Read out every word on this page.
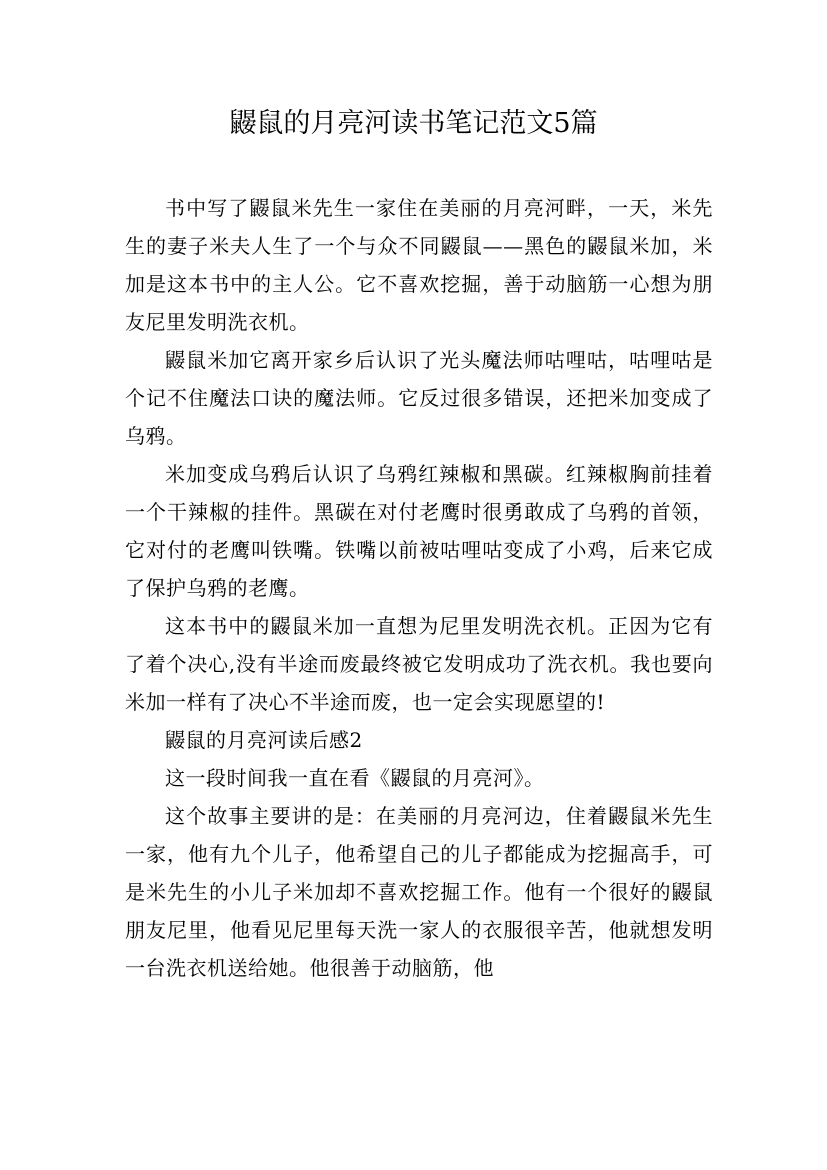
鼹鼠的月亮河读书笔记范文5篇

书中写了鼹鼠米先生一家住在美丽的月亮河畔，一天，米先生的妻子米夫人生了一个与众不同鼹鼠——黑色的鼹鼠米加，米加是这本书中的主人公。它不喜欢挖掘，善于动脑筋一心想为朋友尼里发明洗衣机。

鼹鼠米加它离开家乡后认识了光头魔法师咕哩咕，咕哩咕是个记不住魔法口诀的魔法师。它反过很多错误，还把米加变成了乌鸦。

米加变成乌鸦后认识了乌鸦红辣椒和黑碳。红辣椒胸前挂着一个干辣椒的挂件。黑碳在对付老鹰时很勇敢成了乌鸦的首领，它对付的老鹰叫铁嘴。铁嘴以前被咕哩咕变成了小鸡，后来它成了保护乌鸦的老鹰。

这本书中的鼹鼠米加一直想为尼里发明洗衣机。正因为它有了着个决心,没有半途而废最终被它发明成功了洗衣机。我也要向米加一样有了决心不半途而废，也一定会实现愿望的!

鼹鼠的月亮河读后感2

这一段时间我一直在看《鼹鼠的月亮河》。

这个故事主要讲的是：在美丽的月亮河边，住着鼹鼠米先生一家，他有九个儿子，他希望自己的儿子都能成为挖掘高手，可是米先生的小儿子米加却不喜欢挖掘工作。他有一个很好的鼹鼠朋友尼里，他看见尼里每天洗一家人的衣服很辛苦，他就想发明一台洗衣机送给她。他很善于动脑筋，他
